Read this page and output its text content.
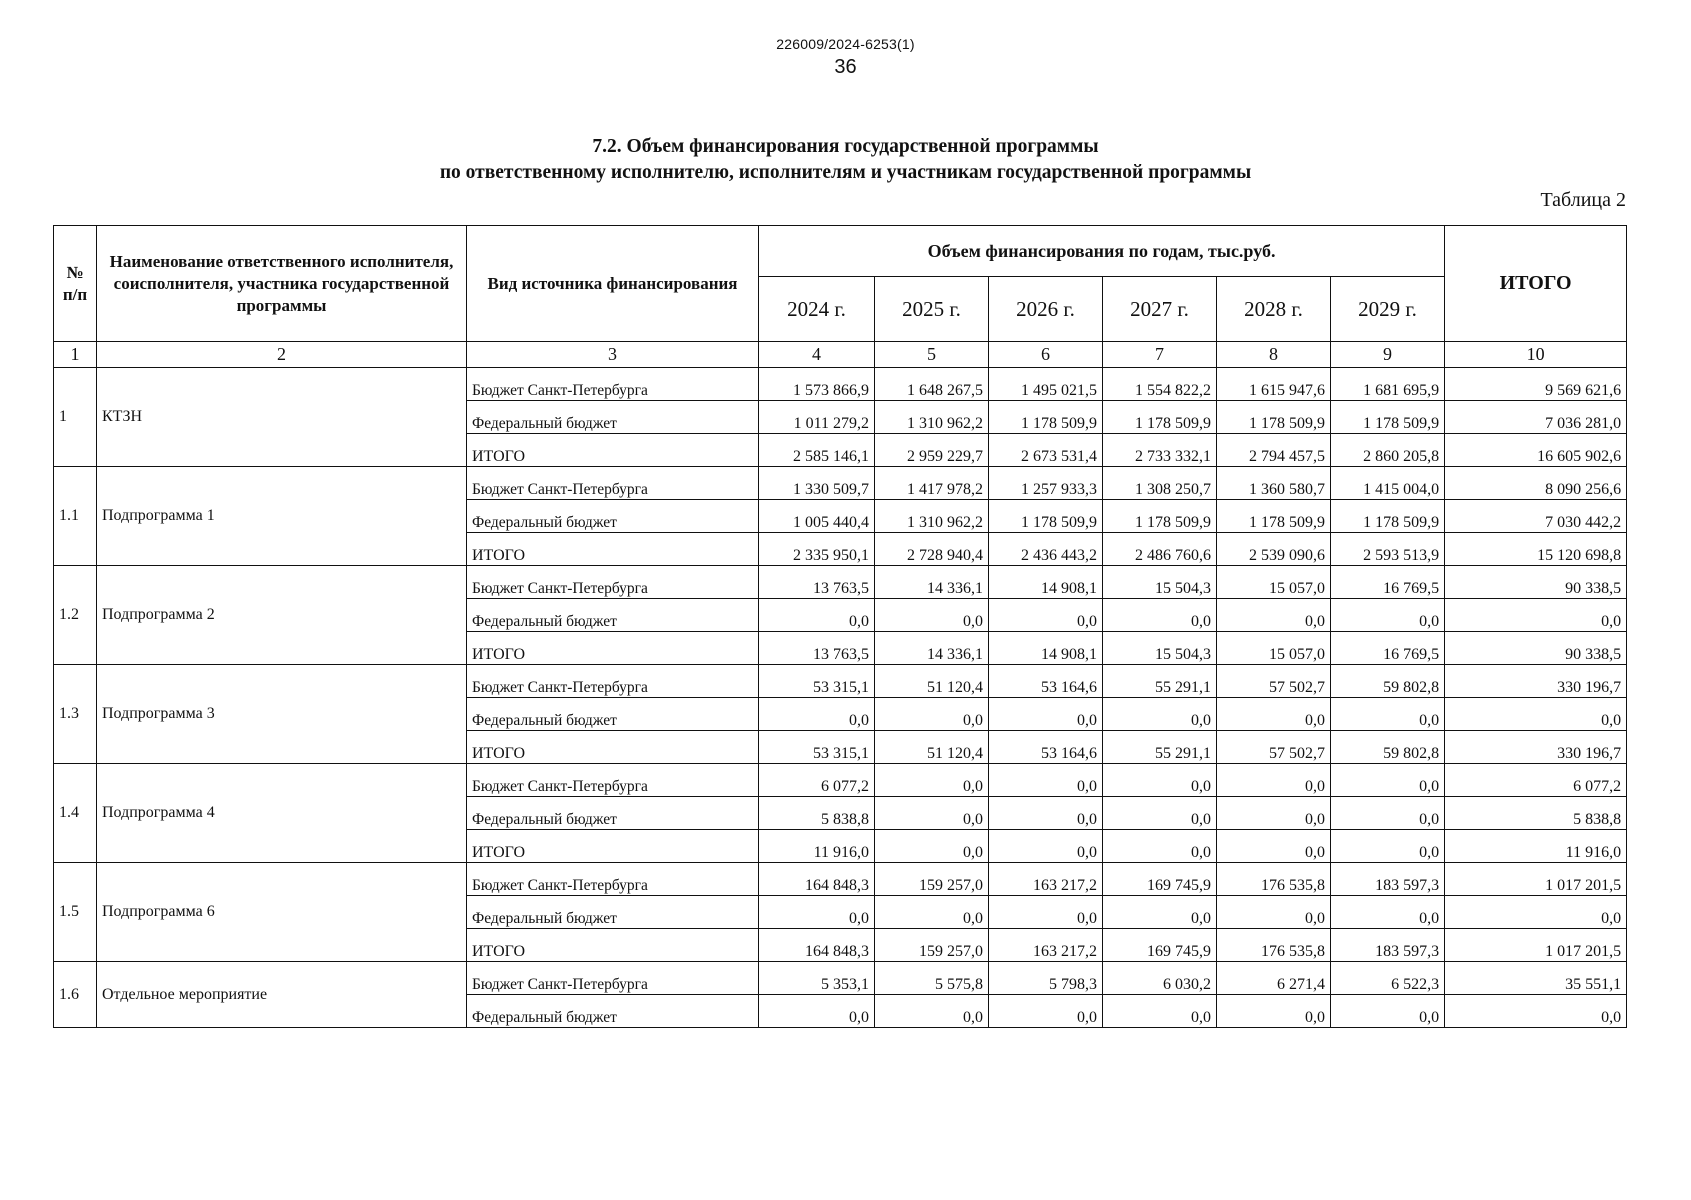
226009/2024-6253(1)
36
7.2. Объем финансирования государственной программы
по ответственному исполнителю, исполнителям и участникам государственной программы
Таблица 2
№ п/п	Наименование ответственного исполнителя, соисполнителя, участника государственной программы	Вид источника финансирования	Объем финансирования по годам, тыс.руб.						ИТОГО
			2024 г.	2025 г.	2026 г.	2027 г.	2028 г.	2029 г.	
1	2	3	4	5	6	7	8	9	10
1	КТЗН	Бюджет Санкт-Петербурга	1 573 866,9	1 648 267,5	1 495 021,5	1 554 822,2	1 615 947,6	1 681 695,9	9 569 621,6
		Федеральный бюджет	1 011 279,2	1 310 962,2	1 178 509,9	1 178 509,9	1 178 509,9	1 178 509,9	7 036 281,0
		ИТОГО	2 585 146,1	2 959 229,7	2 673 531,4	2 733 332,1	2 794 457,5	2 860 205,8	16 605 902,6
1.1	Подпрограмма 1	Бюджет Санкт-Петербурга	1 330 509,7	1 417 978,2	1 257 933,3	1 308 250,7	1 360 580,7	1 415 004,0	8 090 256,6
		Федеральный бюджет	1 005 440,4	1 310 962,2	1 178 509,9	1 178 509,9	1 178 509,9	1 178 509,9	7 030 442,2
		ИТОГО	2 335 950,1	2 728 940,4	2 436 443,2	2 486 760,6	2 539 090,6	2 593 513,9	15 120 698,8
1.2	Подпрограмма 2	Бюджет Санкт-Петербурга	13 763,5	14 336,1	14 908,1	15 504,3	15 057,0	16 769,5	90 338,5
		Федеральный бюджет	0,0	0,0	0,0	0,0	0,0	0,0	0,0
		ИТОГО	13 763,5	14 336,1	14 908,1	15 504,3	15 057,0	16 769,5	90 338,5
1.3	Подпрограмма 3	Бюджет Санкт-Петербурга	53 315,1	51 120,4	53 164,6	55 291,1	57 502,7	59 802,8	330 196,7
		Федеральный бюджет	0,0	0,0	0,0	0,0	0,0	0,0	0,0
		ИТОГО	53 315,1	51 120,4	53 164,6	55 291,1	57 502,7	59 802,8	330 196,7
1.4	Подпрограмма 4	Бюджет Санкт-Петербурга	6 077,2	0,0	0,0	0,0	0,0	0,0	6 077,2
		Федеральный бюджет	5 838,8	0,0	0,0	0,0	0,0	0,0	5 838,8
		ИТОГО	11 916,0	0,0	0,0	0,0	0,0	0,0	11 916,0
1.5	Подпрограмма 6	Бюджет Санкт-Петербурга	164 848,3	159 257,0	163 217,2	169 745,9	176 535,8	183 597,3	1 017 201,5
		Федеральный бюджет	0,0	0,0	0,0	0,0	0,0	0,0	0,0
		ИТОГО	164 848,3	159 257,0	163 217,2	169 745,9	176 535,8	183 597,3	1 017 201,5
1.6	Отдельное мероприятие	Бюджет Санкт-Петербурга	5 353,1	5 575,8	5 798,3	6 030,2	6 271,4	6 522,3	35 551,1
		Федеральный бюджет	0,0	0,0	0,0	0,0	0,0	0,0	0,0
